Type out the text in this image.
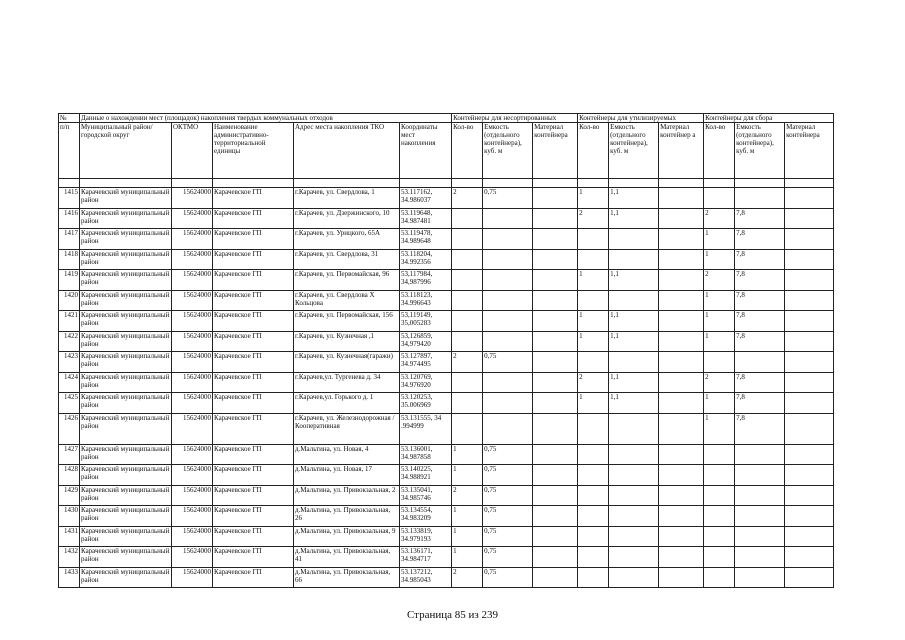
№	Данные о нахождении мест (площадок) накопления твердых коммунальных отходов					Контейнеры для несортированных			Контейнеры для утилизируемых			Контейнеры для сбора		
п/п	Муниципальный район/городской округ	ОКТМО	Наименование административно-территориальной единицы	Адрес места накопления ТКО	Координаты мест накопления	Кол-во	Емкость (отдельного контейнера), куб. м	Материал контейнера	Кол-во	Емкость (отдельного контейнера), куб. м	Материал контейнер а	Кол-во	Емкость (отдельного контейнера), куб. м	Материал контейнера

1415	Карачевский муниципальный район	15624000	Карачевское ГП	г.Карачев, ул. Свердлова, 1	53.117162, 34.986037	2	0,75		1	1,1				
1416	Карачевский муниципальный район	15624000	Карачевское ГП	г.Карачев, ул. Дзержинского, 10	53.119648, 34.987481				2	1,1		2	7,8	
1417	Карачевский муниципальный район	15624000	Карачевское ГП	г.Карачев, ул. Урицкого, 65А	53.119478, 34.989648							1	7,8	
1418	Карачевский муниципальный район	15624000	Карачевское ГП	г.Карачев, ул. Свердлова, 31	53.118204, 34.992356							1	7,8	
1419	Карачевский муниципальный район	15624000	Карачевское ГП	г.Карачев, ул. Первомайская, 96	53,117984, 34,987996				1	1,1		2	7,8	
1420	Карачевский муниципальный район	15624000	Карачевское ГП	г.Карачев, ул. Свердлова Х Кольцова	53.118123, 34.996643							1	7,8	
1421	Карачевский муниципальный район	15624000	Карачевское ГП	г.Карачев, ул. Первомайская, 156	53,119149, 35,005283				1	1,1		1	7,8	
1422	Карачевский муниципальный район	15624000	Карачевское ГП	г.Карачев, ул. Кузнечная ,1	53,126859, 34,979420				1	1,1		1	7,8	
1423	Карачевский муниципальный район	15624000	Карачевское ГП	г.Карачев, ул. Кузнечная(гаражи)	53.127897, 34.974495	2	0,75							
1424	Карачевский муниципальный район	15624000	Карачевское ГП	г.Карачев,ул. Тургенева д. 34	53.120769, 34.976920				2	1,1		2	7,8	
1425	Карачевский муниципальный район	15624000	Карачевское ГП	г.Карачев,ул. Горького д. 1	53.120253, 35.006969				1	1,1		1	7,8	
1426	Карачевский муниципальный район	15624000	Карачевское ГП	г.Карачев, ул. Железнодорожная / Кооперативная	53.131555, 34 .994999							1	7,8	
1427	Карачевский муниципальный район	15624000	Карачевское ГП	д.Мальтина, ул. Новая, 4	53.136001, 34.987858	1	0,75							
1428	Карачевский муниципальный район	15624000	Карачевское ГП	д.Мальтина, ул. Новая, 17	53.140225, 34.988921	1	0,75							
1429	Карачевский муниципальный район	15624000	Карачевское ГП	д.Мальтина, ул. Привокзальная, 2	53.135041, 34.985746	2	0,75							
1430	Карачевский муниципальный район	15624000	Карачевское ГП	д.Мальтина, ул. Привокзальная, 26	53.134554, 34.983209	1	0,75							
1431	Карачевский муниципальный район	15624000	Карачевское ГП	д.Мальтина, ул. Привокзальная, 9	53.133819, 34.979193	1	0,75							
1432	Карачевский муниципальный район	15624000	Карачевское ГП	д.Мальтина, ул. Привокзальная, 41	53.136171, 34.984717	1	0,75							
1433	Карачевский муниципальный район	15624000	Карачевское ГП	д.Мальтина, ул. Привокзальная, 66	53.137212, 34.985043	2	0,75							
Страница 85 из 239
